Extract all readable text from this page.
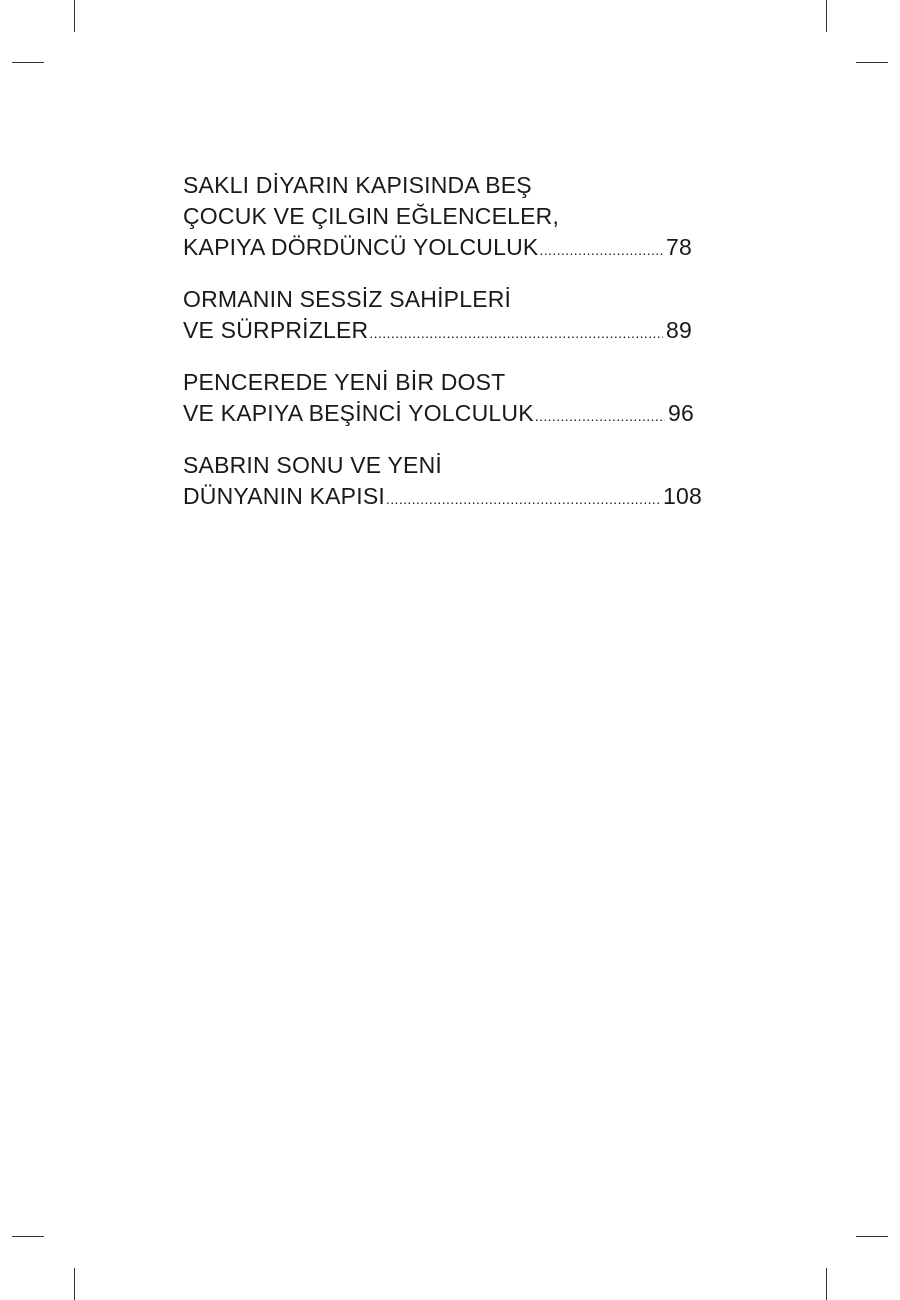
SAKLI DİYARIN KAPISINDA BEŞ
ÇOCUK VE ÇILGIN EĞLENCELER,
KAPIYA DÖRDÜNCÜ YOLCULUK .....	78
ORMANIN SESSİZ SAHİPLERİ
VE SÜRPRİZLER .....	89
PENCEREDE YENİ BİR DOST
VE KAPIYA BEŞİNCİ YOLCULUK .....	96
SABRIN SONU VE YENİ
DÜNYANIN KAPISI .....	108
